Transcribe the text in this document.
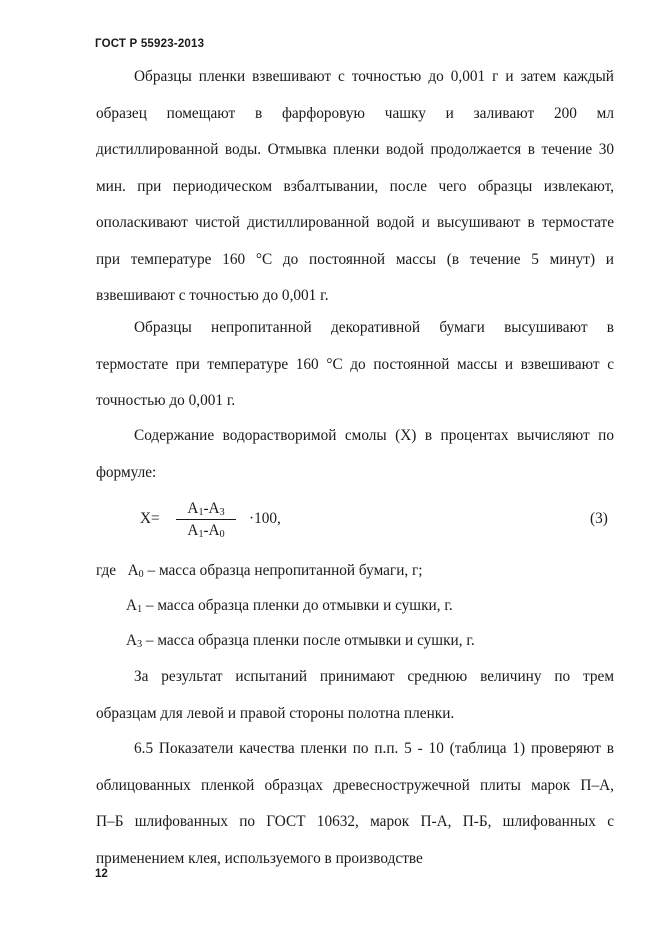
ГОСТ Р 55923-2013
Образцы пленки взвешивают с точностью до 0,001 г и затем каждый
образец помещают в фарфоровую чашку и заливают 200 мл
дистиллированной воды. Отмывка пленки водой продолжается в течение 30
мин. при периодическом взбалтывании, после чего образцы извлекают,
ополаскивают чистой дистиллированной водой и высушивают в термостате
при температуре 160 °С до постоянной массы (в течение 5 минут) и
взвешивают с точностью до 0,001 г.
Образцы непропитанной декоративной бумаги высушивают в
термостате при температуре 160 °С до постоянной массы и взвешивают с
точностью до 0,001 г.
Содержание водорастворимой смолы (X) в процентах вычисляют по
формуле:
X=
$A_1-A_3$
$A_1-A_0$
·100,	(3)
где $A_0$ – масса образца непропитанной бумаги, г;
$A_1$ – масса образца пленки до отмывки и сушки, г.
$A_3$ – масса образца пленки после отмывки и сушки, г.
За результат испытаний принимают среднюю величину по трем
образцам для левой и правой стороны полотна пленки.
6.5 Показатели качества пленки по п.п. 5 - 10 (таблица 1) проверяют в
облицованных пленкой образцах древесностружечной плиты марок П–А,
П–Б шлифованных по ГОСТ 10632, марок П-А, П-Б, шлифованных с
применением клея, используемого в производстве
12
